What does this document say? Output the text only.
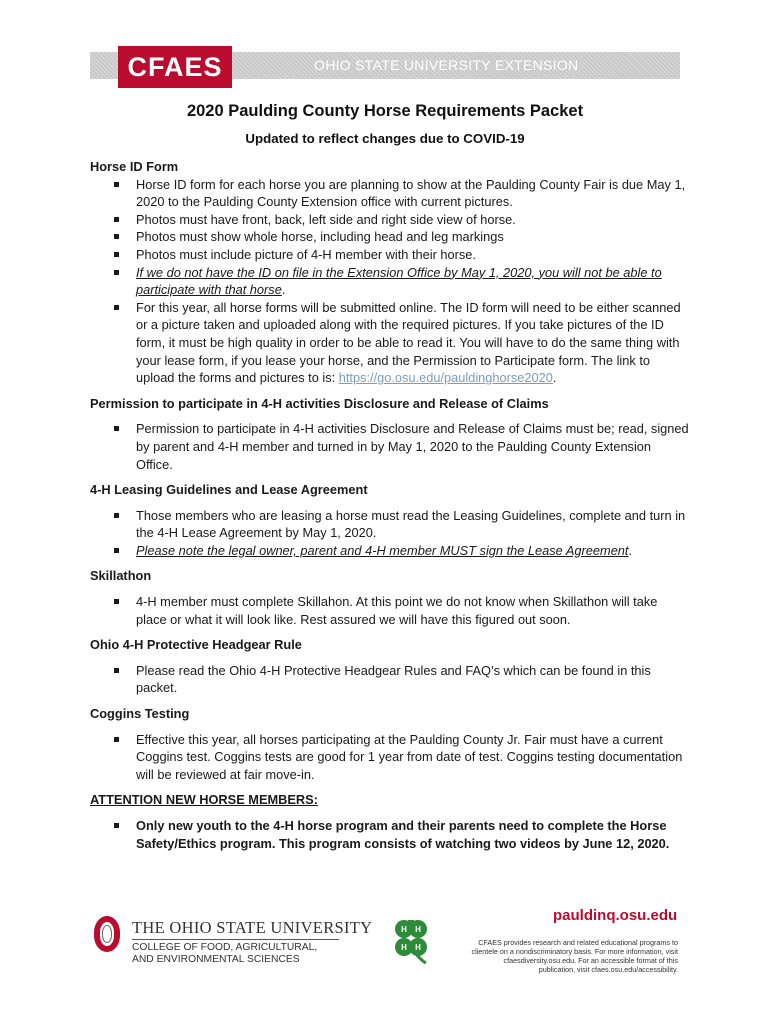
CFAES	OHIO STATE UNIVERSITY EXTENSION
2020 Paulding County Horse Requirements Packet
Updated to reflect changes due to COVID-19

Horse ID Form

Horse ID form for each horse you are planning to show at the Paulding County Fair is due May 1, 2020 to the Paulding County Extension office with current pictures.
Photos must have front, back, left side and right side view of horse.
Photos must show whole horse, including head and leg markings
Photos must include picture of 4-H member with their horse.
If we do not have the ID on file in the Extension Office by May 1, 2020, you will not be able to participate with that horse.
For this year, all horse forms will be submitted online. The ID form will need to be either scanned or a picture taken and uploaded along with the required pictures. If you take pictures of the ID form, it must be high quality in order to be able to read it. You will have to do the same thing with your lease form, if you lease your horse, and the Permission to Participate form. The link to upload the forms and pictures to is: https://go.osu.edu/pauldinghorse2020.

Permission to participate in 4-H activities Disclosure and Release of Claims

Permission to participate in 4-H activities Disclosure and Release of Claims must be; read, signed by parent and 4-H member and turned in by May 1, 2020 to the Paulding County Extension Office.

4-H Leasing Guidelines and Lease Agreement

Those members who are leasing a horse must read the Leasing Guidelines, complete and turn in the 4-H Lease Agreement by May 1, 2020.
Please note the legal owner, parent and 4-H member MUST sign the Lease Agreement.

Skillathon

4-H member must complete Skillahon. At this point we do not know when Skillathon will take place or what it will look like. Rest assured we will have this figured out soon.

Ohio 4-H Protective Headgear Rule

Please read the Ohio 4-H Protective Headgear Rules and FAQ’s which can be found in this packet.

Coggins Testing

Effective this year, all horses participating at the Paulding County Jr. Fair must have a current Coggins test. Coggins tests are good for 1 year from date of test. Coggins testing documentation will be reviewed at fair move-in.

ATTENTION NEW HORSE MEMBERS:

Only new youth to the 4-H horse program and their parents need to complete the Horse Safety/Ethics program. This program consists of watching two videos by June 12, 2020.
THE OHIO STATE UNIVERSITY
COLLEGE OF FOOD, AGRICULTURAL,
AND ENVIRONMENTAL SCIENCES
H H
H H
pauldinq.osu.edu
CFAES provides research and related educational programs to clientele on a nondiscriminatory basis. For more information, visit cfaesdiversity.osu.edu. For an accessible format of this publication, visit cfaes.osu.edu/accessibility.
